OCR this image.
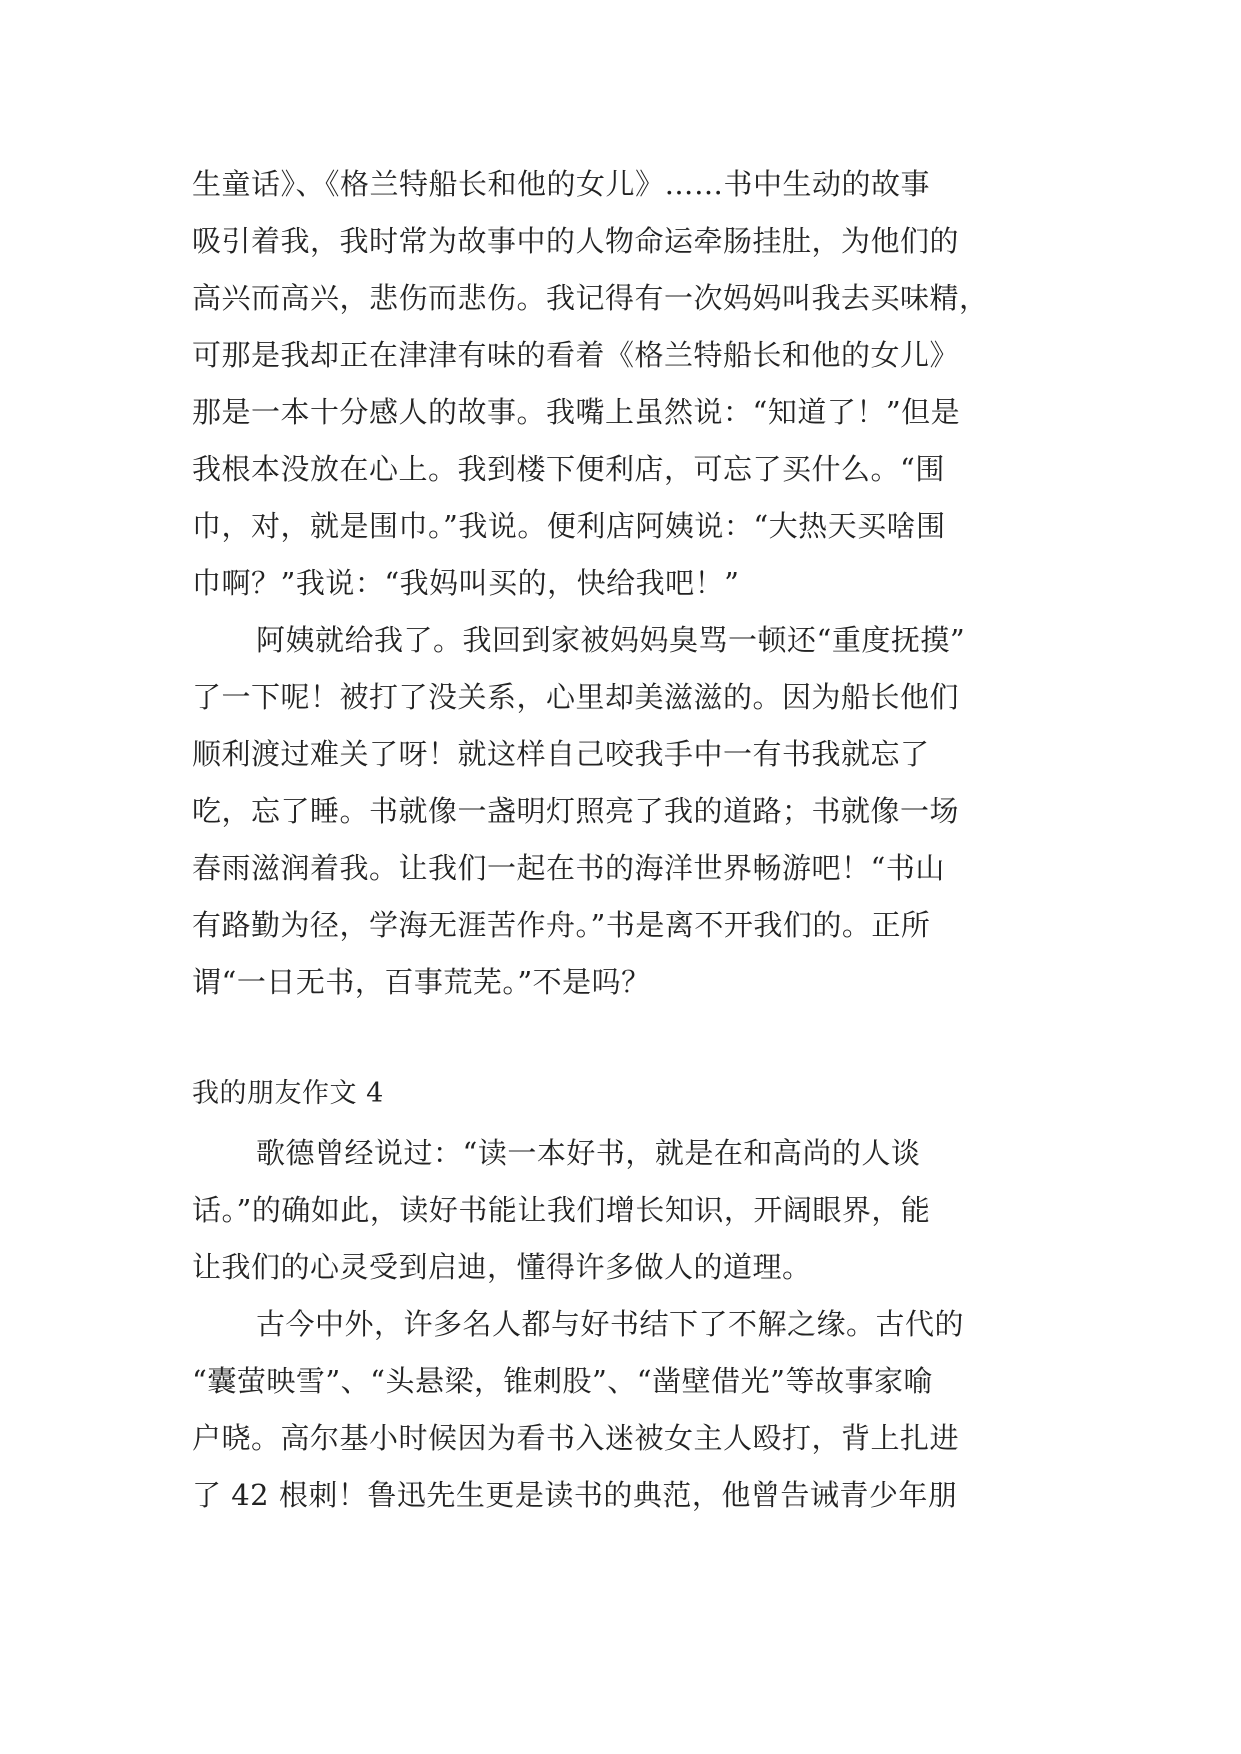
生童话》、《格兰特船长和他的女儿》……书中生动的故事
吸引着我，我时常为故事中的人物命运牵肠挂肚，为他们的
高兴而高兴，悲伤而悲伤。我记得有一次妈妈叫我去买味精，
可那是我却正在津津有味的看着《格兰特船长和他的女儿》
那是一本十分感人的故事。我嘴上虽然说：“知道了！”但是
我根本没放在心上。我到楼下便利店，可忘了买什么。“围
巾，对，就是围巾。”我说。便利店阿姨说：“大热天买啥围
巾啊？”我说：“我妈叫买的，快给我吧！”
阿姨就给我了。我回到家被妈妈臭骂一顿还“重度抚摸”
了一下呢！被打了没关系，心里却美滋滋的。因为船长他们
顺利渡过难关了呀！就这样自己咬我手中一有书我就忘了
吃，忘了睡。书就像一盏明灯照亮了我的道路；书就像一场
春雨滋润着我。让我们一起在书的海洋世界畅游吧！“书山
有路勤为径，学海无涯苦作舟。”书是离不开我们的。正所
谓“一日无书，百事荒芜。”不是吗？
我的朋友作文 4
歌德曾经说过：“读一本好书，就是在和高尚的人谈
话。”的确如此，读好书能让我们增长知识，开阔眼界，能
让我们的心灵受到启迪，懂得许多做人的道理。
古今中外，许多名人都与好书结下了不解之缘。古代的
“囊萤映雪”、“头悬梁，锥刺股”、“凿壁借光”等故事家喻
户晓。高尔基小时候因为看书入迷被女主人殴打，背上扎进
了 42 根刺！鲁迅先生更是读书的典范，他曾告诫青少年朋
